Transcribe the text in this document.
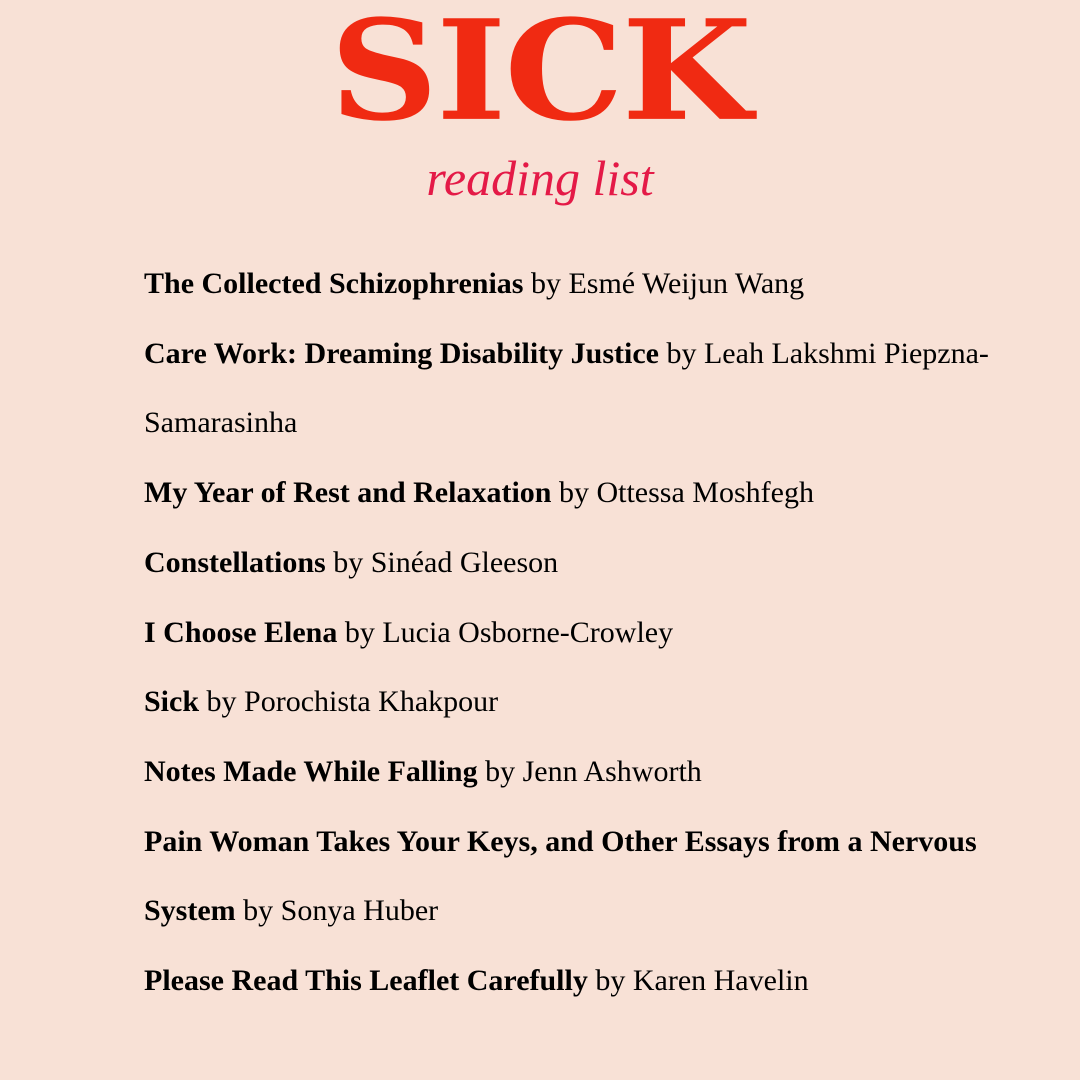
SICK
reading list
The Collected Schizophrenias by Esmé Weijun Wang
Care Work: Dreaming Disability Justice by Leah Lakshmi Piepzna-Samarasinha
My Year of Rest and Relaxation by Ottessa Moshfegh
Constellations by Sinéad Gleeson
I Choose Elena by Lucia Osborne-Crowley
Sick by Porochista Khakpour
Notes Made While Falling by Jenn Ashworth
Pain Woman Takes Your Keys, and Other Essays from a Nervous System by Sonya Huber
Please Read This Leaflet Carefully by Karen Havelin
